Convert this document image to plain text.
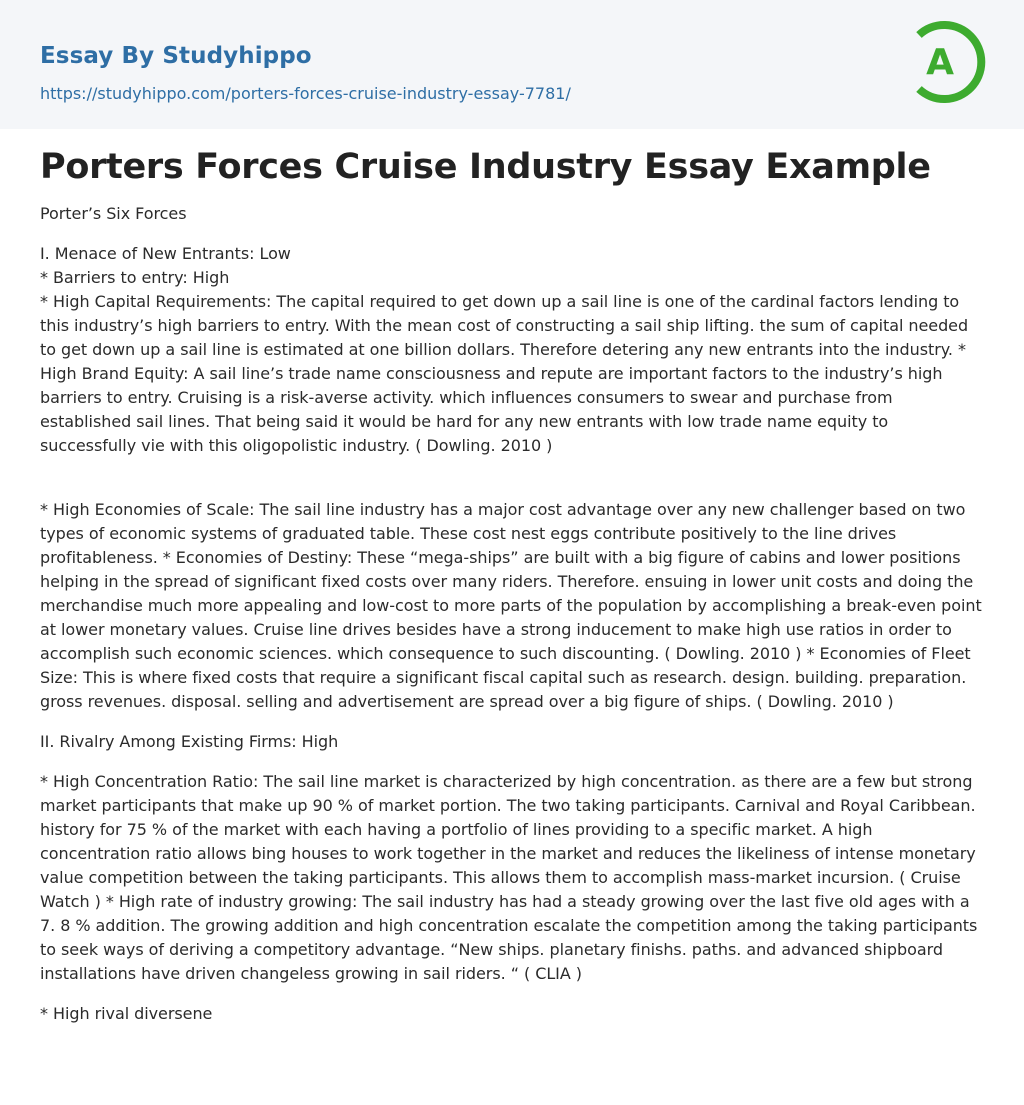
Essay By Studyhippo
https://studyhippo.com/porters-forces-cruise-industry-essay-7781/
A
Porters Forces Cruise Industry Essay Example

Porter’s Six Forces

I. Menace of New Entrants: Low
* Barriers to entry: High
* High Capital Requirements: The capital required to get down up a sail line is one of the cardinal factors lending to this industry’s high barriers to entry. With the mean cost of constructing a sail ship lifting. the sum of capital needed to get down up a sail line is estimated at one billion dollars. Therefore detering any new entrants into the industry. * High Brand Equity: A sail line’s trade name consciousness and repute are important factors to the industry’s high barriers to entry. Cruising is a risk-averse activity. which influences consumers to swear and purchase from established sail lines. That being said it would be hard for any new entrants with low trade name equity to successfully vie with this oligopolistic industry. ( Dowling. 2010 )

* High Economies of Scale: The sail line industry has a major cost advantage over any new challenger based on two types of economic systems of graduated table. These cost nest eggs contribute positively to the line drives profitableness. * Economies of Destiny: These “mega-ships” are built with a big figure of cabins and lower positions helping in the spread of significant fixed costs over many riders. Therefore. ensuing in lower unit costs and doing the merchandise much more appealing and low-cost to more parts of the population by accomplishing a break-even point at lower monetary values. Cruise line drives besides have a strong inducement to make high use ratios in order to accomplish such economic sciences. which consequence to such discounting. ( Dowling. 2010 ) * Economies of Fleet Size: This is where fixed costs that require a significant fiscal capital such as research. design. building. preparation. gross revenues. disposal. selling and advertisement are spread over a big figure of ships. ( Dowling. 2010 )

II. Rivalry Among Existing Firms: High

* High Concentration Ratio: The sail line market is characterized by high concentration. as there are a few but strong market participants that make up 90 % of market portion. The two taking participants. Carnival and Royal Caribbean. history for 75 % of the market with each having a portfolio of lines providing to a specific market. A high concentration ratio allows bing houses to work together in the market and reduces the likeliness of intense monetary value competition between the taking participants. This allows them to accomplish mass-market incursion. ( Cruise Watch ) * High rate of industry growing: The sail industry has had a steady growing over the last five old ages with a 7. 8 % addition. The growing addition and high concentration escalate the competition among the taking participants to seek ways of deriving a competitory advantage. “New ships. planetary finishs. paths. and advanced shipboard installations have driven changeless growing in sail riders. “ ( CLIA )

* High rival diversene
